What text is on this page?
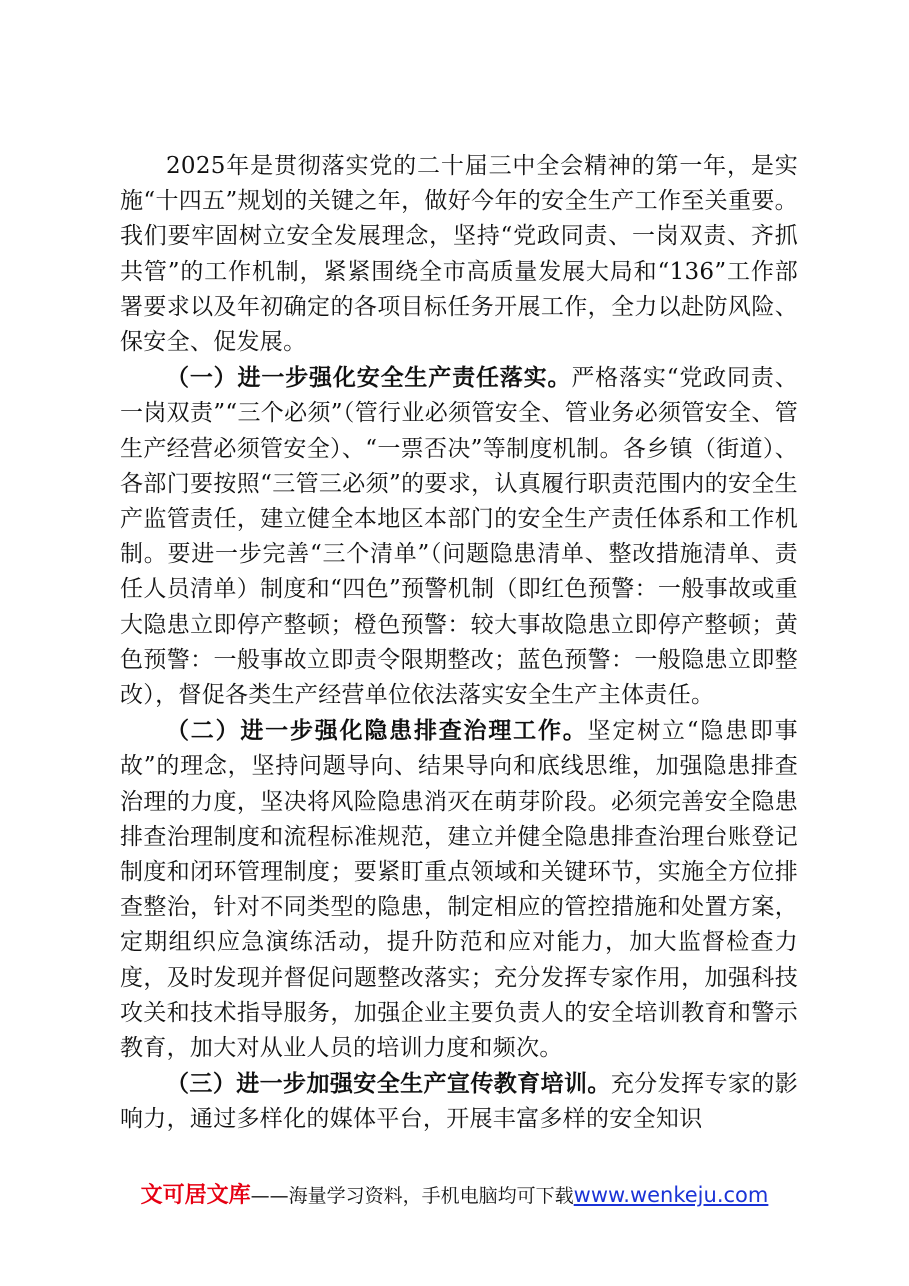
2025年是贯彻落实党的二十届三中全会精神的第一年，是实施“十四五”规划的关键之年，做好今年的安全生产工作至关重要。我们要牢固树立安全发展理念，坚持“党政同责、一岗双责、齐抓共管”的工作机制，紧紧围绕全市高质量发展大局和“136”工作部署要求以及年初确定的各项目标任务开展工作，全力以赴防风险、保安全、促发展。

（一）进一步强化安全生产责任落实。严格落实“党政同责、一岗双责”“三个必须”（管行业必须管安全、管业务必须管安全、管生产经营必须管安全）、“一票否决”等制度机制。各乡镇（街道）、各部门要按照“三管三必须”的要求，认真履行职责范围内的安全生产监管责任，建立健全本地区本部门的安全生产责任体系和工作机制。要进一步完善“三个清单”（问题隐患清单、整改措施清单、责任人员清单）制度和“四色”预警机制（即红色预警：一般事故或重大隐患立即停产整顿；橙色预警：较大事故隐患立即停产整顿；黄色预警：一般事故立即责令限期整改；蓝色预警：一般隐患立即整改），督促各类生产经营单位依法落实安全生产主体责任。

（二）进一步强化隐患排查治理工作。坚定树立“隐患即事故”的理念，坚持问题导向、结果导向和底线思维，加强隐患排查治理的力度，坚决将风险隐患消灭在萌芽阶段。必须完善安全隐患排查治理制度和流程标准规范，建立并健全隐患排查治理台账登记制度和闭环管理制度；要紧盯重点领域和关键环节，实施全方位排查整治，针对不同类型的隐患，制定相应的管控措施和处置方案，定期组织应急演练活动，提升防范和应对能力，加大监督检查力度，及时发现并督促问题整改落实；充分发挥专家作用，加强科技攻关和技术指导服务，加强企业主要负责人的安全培训教育和警示教育，加大对从业人员的培训力度和频次。

（三）进一步加强安全生产宣传教育培训。充分发挥专家的影响力，通过多样化的媒体平台，开展丰富多样的安全知识

文可居文库——海量学习资料，手机电脑均可下载www.wenkeju.com
